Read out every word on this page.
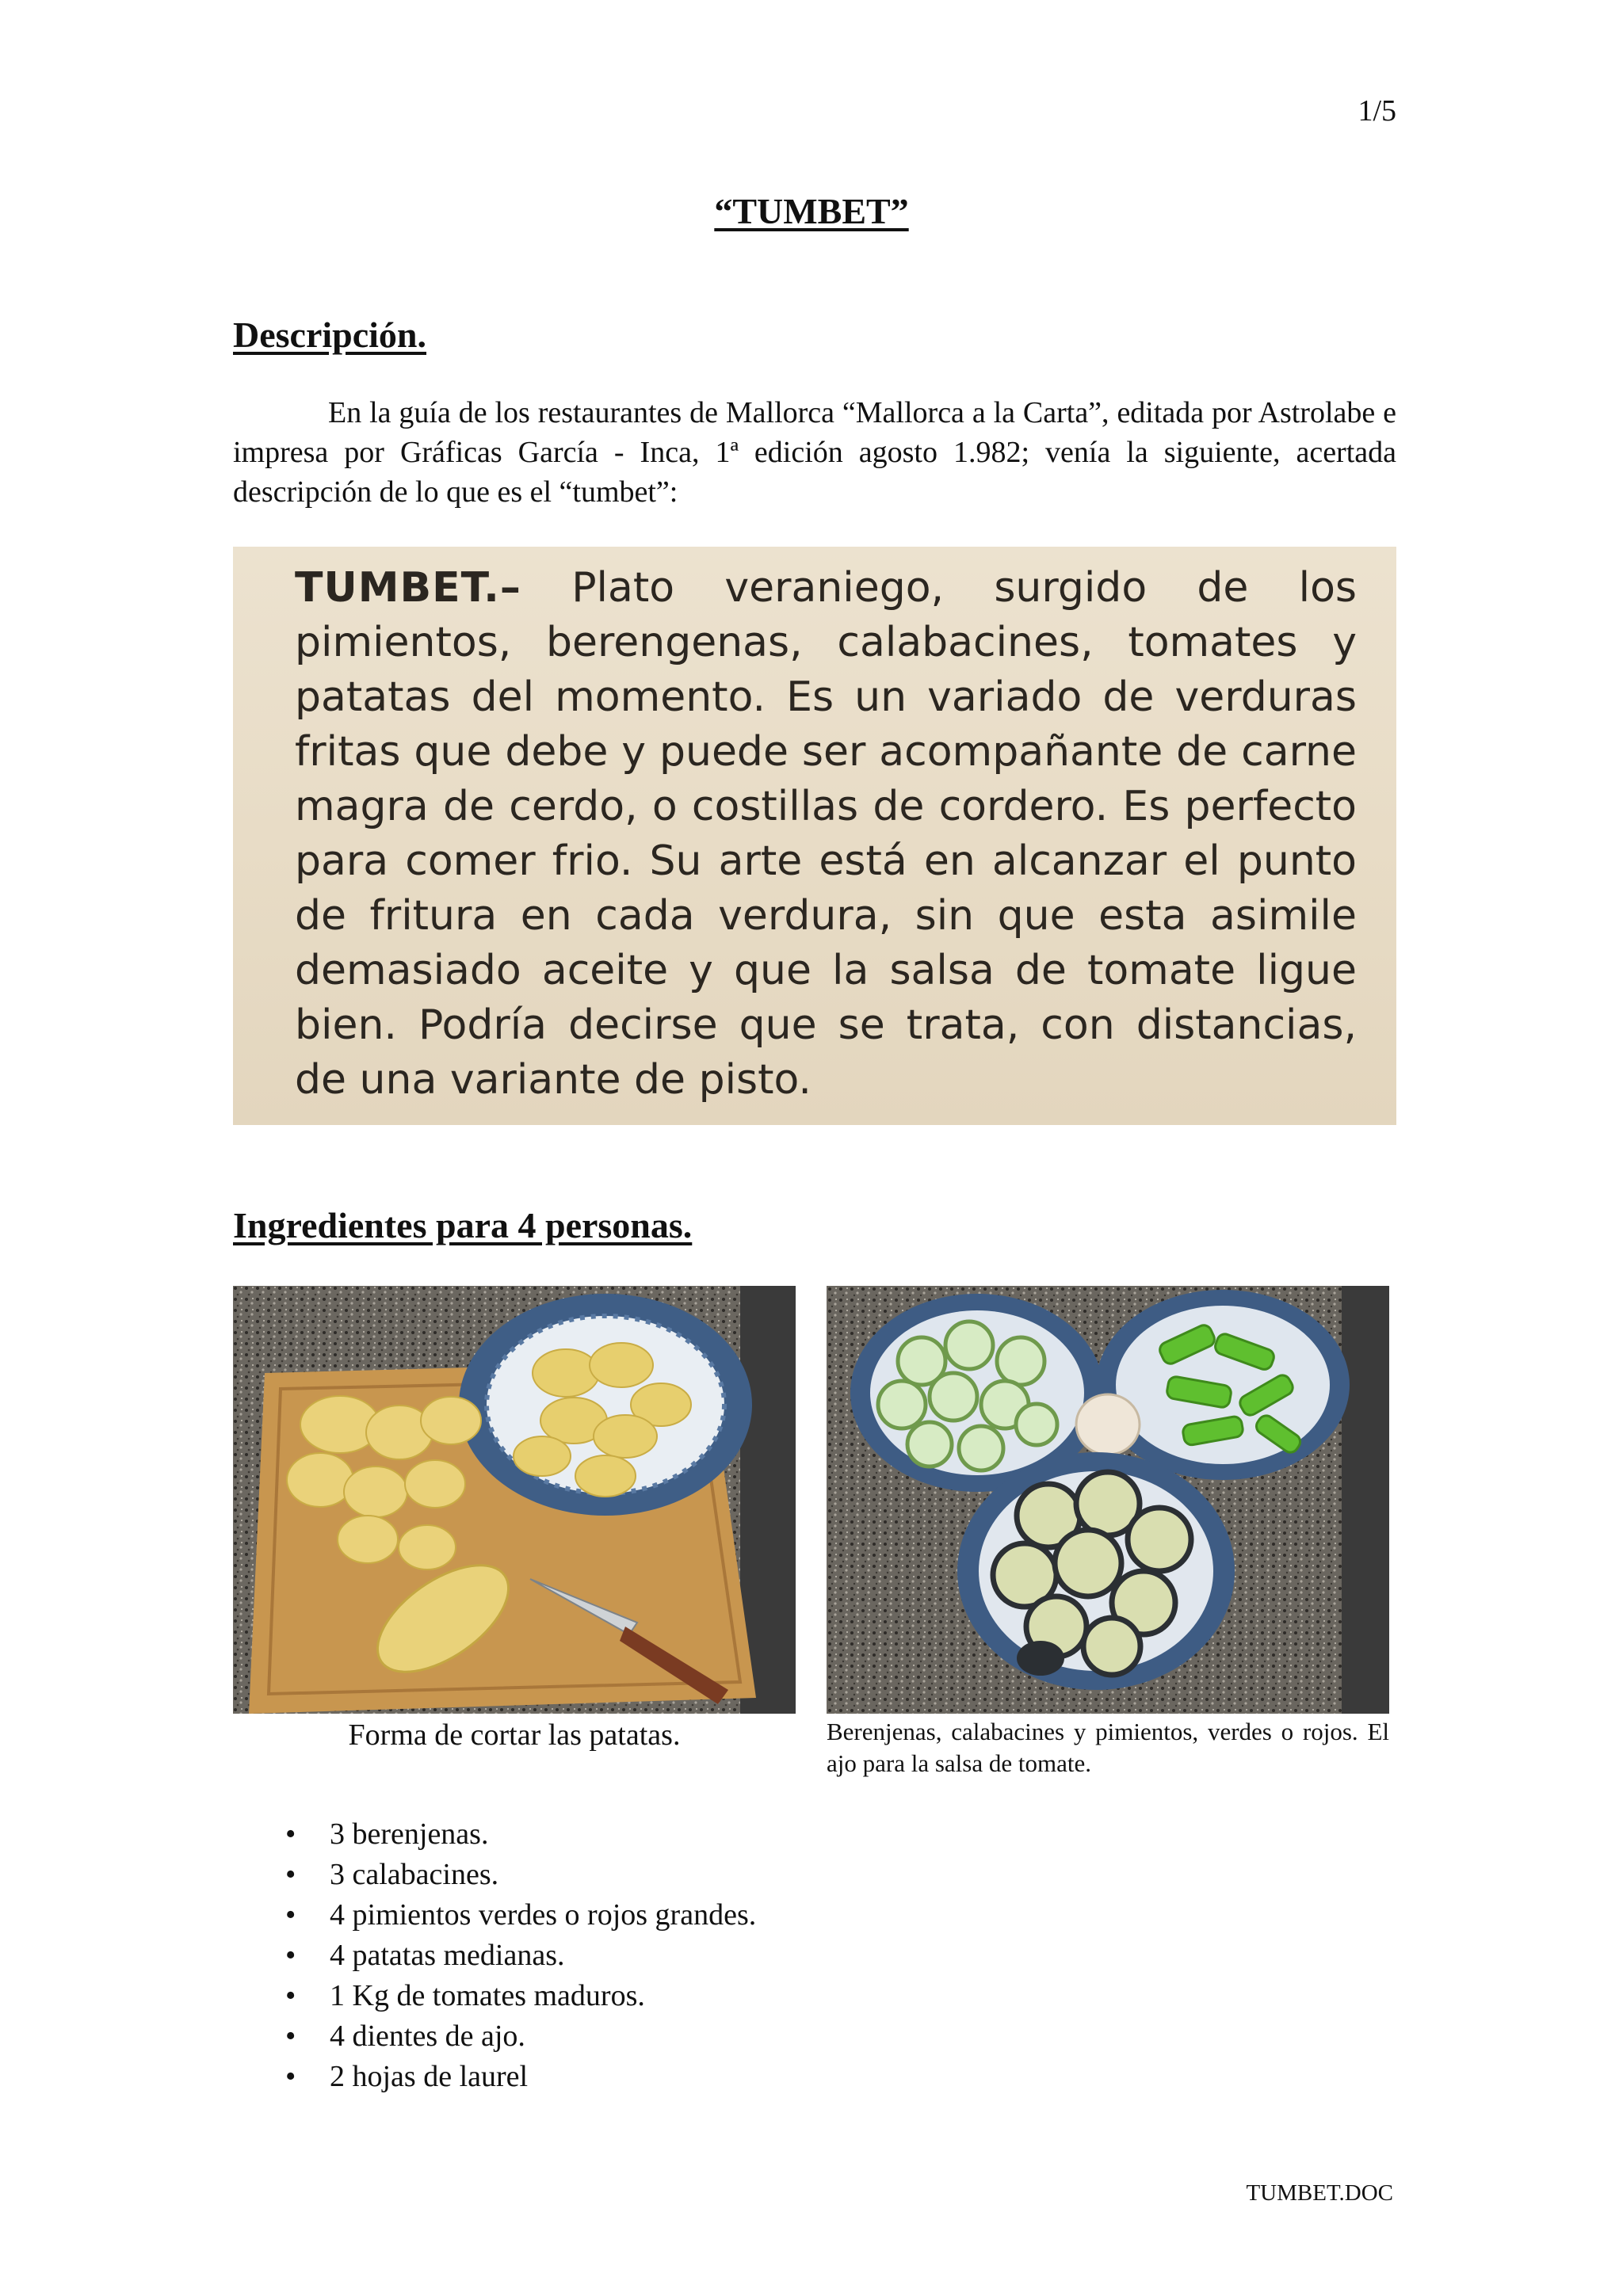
1/5
“TUMBET”
Descripción.

En la guía de los restaurantes de Mallorca “Mallorca a la Carta”, editada por Astrolabe e impresa por Gráficas García - Inca, 1ª edición agosto 1.982; venía la siguiente, acertada descripción de lo que es el “tumbet”:

TUMBET.– Plato veraniego, surgido de los pimientos, berengenas, calabacines, tomates y patatas del momento. Es un variado de verduras fritas que debe y puede ser acompañante de carne magra de cerdo, o costillas de cordero. Es perfecto para comer frio. Su arte está en alcanzar el punto de fritura en cada verdura, sin que esta asimile demasiado aceite y que la salsa de tomate ligue bien. Podría decirse que se trata, con distancias, de una variante de pisto.

Ingredientes para 4 personas.
Forma de cortar las patatas.	Berenjenas, calabacines y pimientos, verdes o rojos. El ajo para la salsa de tomate.

• 3 berenjenas.
• 3 calabacines.
• 4 pimientos verdes o rojos grandes.
• 4 patatas medianas.
• 1 Kg de tomates maduros.
• 4 dientes de ajo.
• 2 hojas de laurel
TUMBET.DOC
